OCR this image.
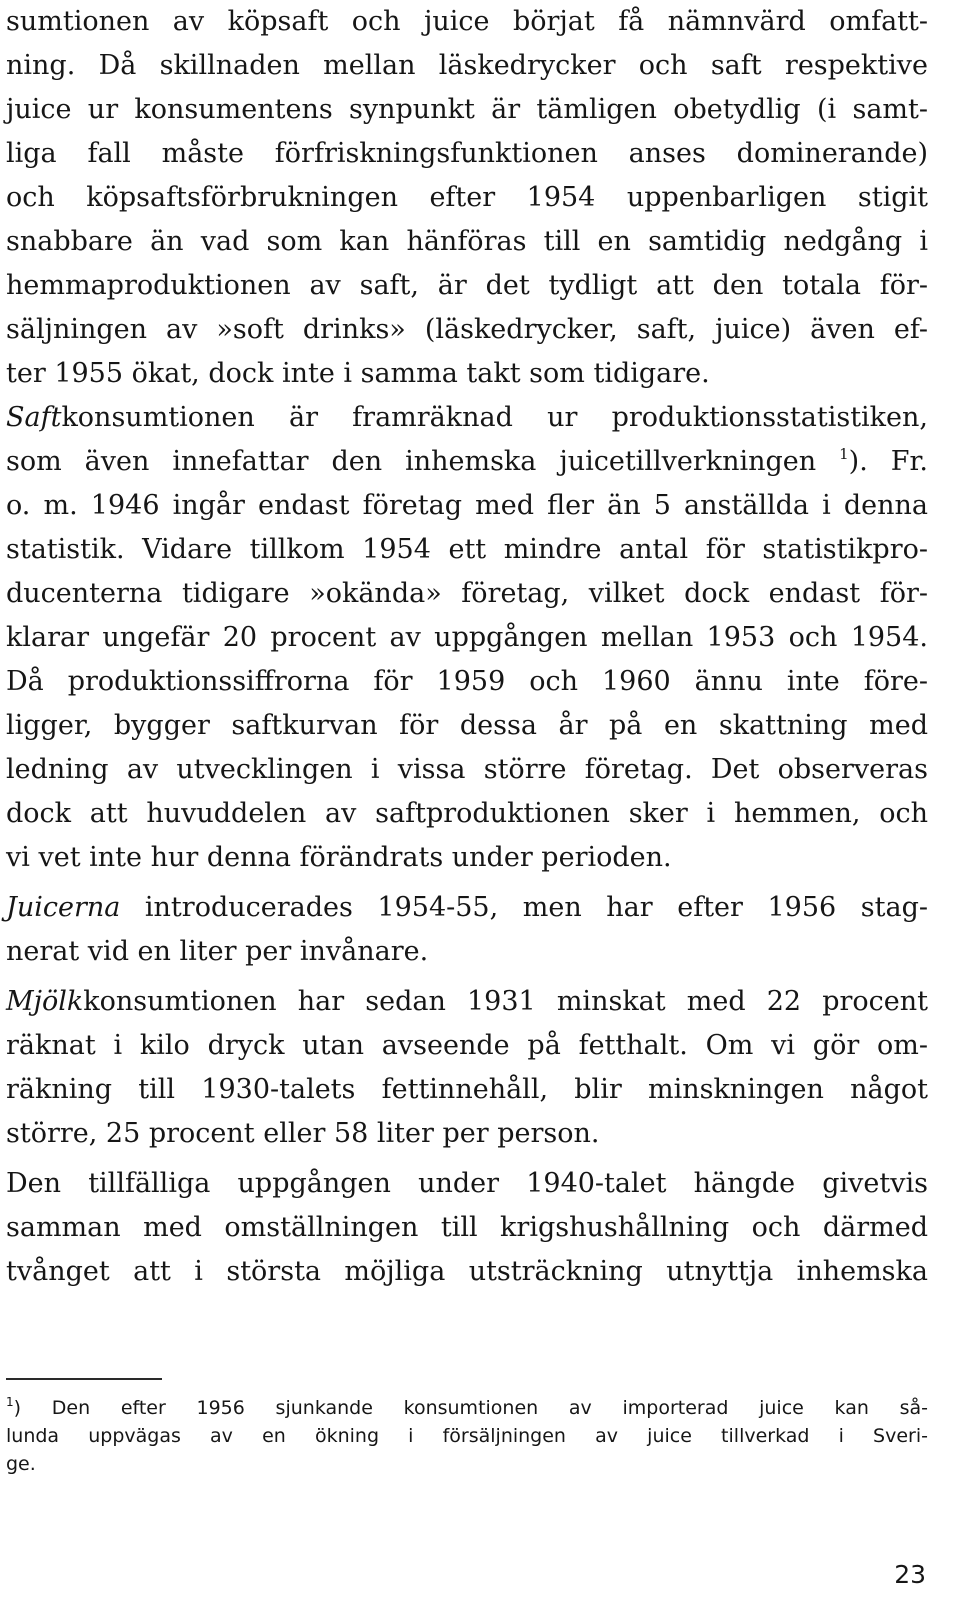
sumtionen av köpsaft och juice börjat få nämnvärd omfatt-
ning. Då skillnaden mellan läskedrycker och saft respektive
juice ur konsumentens synpunkt är tämligen obetydlig (i samt-
liga fall måste förfriskningsfunktionen anses dominerande)
och köpsaftsförbrukningen efter 1954 uppenbarligen stigit
snabbare än vad som kan hänföras till en samtidig nedgång i
hemmaproduktionen av saft, är det tydligt att den totala för-
säljningen av »soft drinks» (läskedrycker, saft, juice) även ef-
ter 1955 ökat, dock inte i samma takt som tidigare.
Saftkonsumtionen är framräknad ur produktionsstatistiken,
som även innefattar den inhemska juicetillverkningen $^1$). Fr.
o. m. 1946 ingår endast företag med fler än 5 anställda i denna
statistik. Vidare tillkom 1954 ett mindre antal för statistikpro-
ducenterna tidigare »okända» företag, vilket dock endast för-
klarar ungefär 20 procent av uppgången mellan 1953 och 1954.
Då produktionssiffrorna för 1959 och 1960 ännu inte före-
ligger, bygger saftkurvan för dessa år på en skattning med
ledning av utvecklingen i vissa större företag. Det observeras
dock att huvuddelen av saftproduktionen sker i hemmen, och
vi vet inte hur denna förändrats under perioden.
Juicerna introducerades 1954-55, men har efter 1956 stag-
nerat vid en liter per invånare.
Mjölkkonsumtionen har sedan 1931 minskat med 22 procent
räknat i kilo dryck utan avseende på fetthalt. Om vi gör om-
räkning till 1930-talets fettinnehåll, blir minskningen något
större, 25 procent eller 58 liter per person.
Den tillfälliga uppgången under 1940-talet hängde givetvis
samman med omställningen till krigshushållning och därmed
tvånget att i största möjliga utsträckning utnyttja inhemska
$^1$) Den efter 1956 sjunkande konsumtionen av importerad juice kan så-
lunda uppvägas av en ökning i försäljningen av juice tillverkad i Sveri-
ge.
23
